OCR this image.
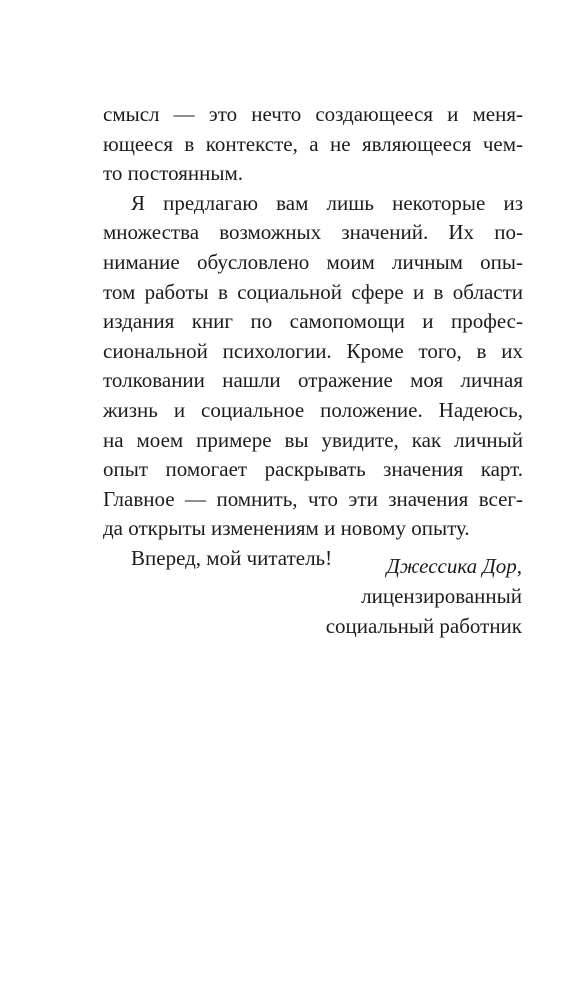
смысл — это нечто создающееся и меня-
ющееся в контексте, а не являющееся чем-
то постоянным.
Я предлагаю вам лишь некоторые из
множества возможных значений. Их по-
нимание обусловлено моим личным опы-
том работы в социальной сфере и в области
издания книг по самопомощи и профес-
сиональной психологии. Кроме того, в их
толковании нашли отражение моя личная
жизнь и социальное положение. Надеюсь,
на моем примере вы увидите, как личный
опыт помогает раскрывать значения карт.
Главное — помнить, что эти значения всег-
да открыты изменениям и новому опыту.
Вперед, мой читатель!	Джессика Дор,
лицензированный
социальный работник
